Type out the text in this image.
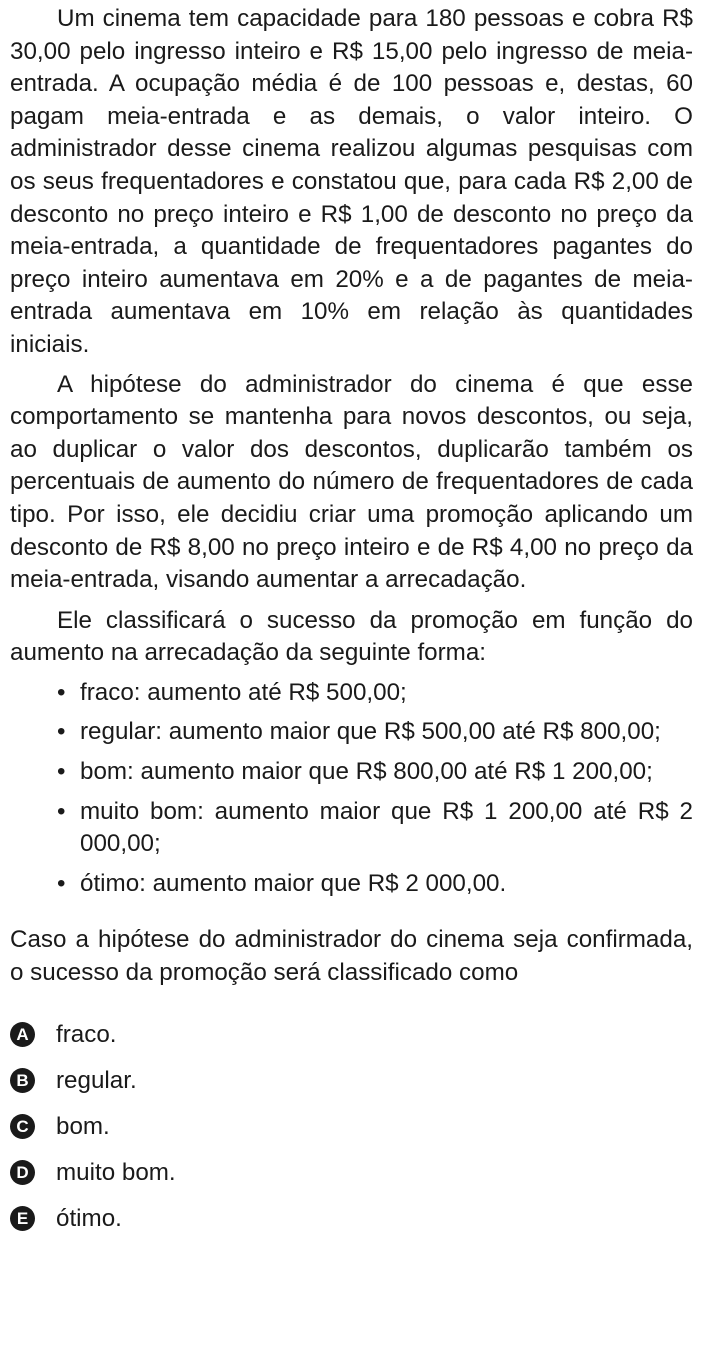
Um cinema tem capacidade para 180 pessoas e cobra R$ 30,00 pelo ingresso inteiro e R$ 15,00 pelo ingresso de meia-entrada. A ocupação média é de 100 pessoas e, destas, 60 pagam meia-entrada e as demais, o valor inteiro. O administrador desse cinema realizou algumas pesquisas com os seus frequentadores e constatou que, para cada R$ 2,00 de desconto no preço inteiro e R$ 1,00 de desconto no preço da meia-entrada, a quantidade de frequentadores pagantes do preço inteiro aumentava em 20% e a de pagantes de meia-entrada aumentava em 10% em relação às quantidades iniciais.

A hipótese do administrador do cinema é que esse comportamento se mantenha para novos descontos, ou seja, ao duplicar o valor dos descontos, duplicarão também os percentuais de aumento do número de frequentadores de cada tipo. Por isso, ele decidiu criar uma promoção aplicando um desconto de R$ 8,00 no preço inteiro e de R$ 4,00 no preço da meia-entrada, visando aumentar a arrecadação.

Ele classificará o sucesso da promoção em função do aumento na arrecadação da seguinte forma:

• fraco: aumento até R$ 500,00;
• regular: aumento maior que R$ 500,00 até R$ 800,00;
• bom: aumento maior que R$ 800,00 até R$ 1 200,00;
• muito bom: aumento maior que R$ 1 200,00 até R$ 2 000,00;
• ótimo: aumento maior que R$ 2 000,00.

Caso a hipótese do administrador do cinema seja confirmada, o sucesso da promoção será classificado como

A fraco.
B regular.
C bom.
D muito bom.
E ótimo.
